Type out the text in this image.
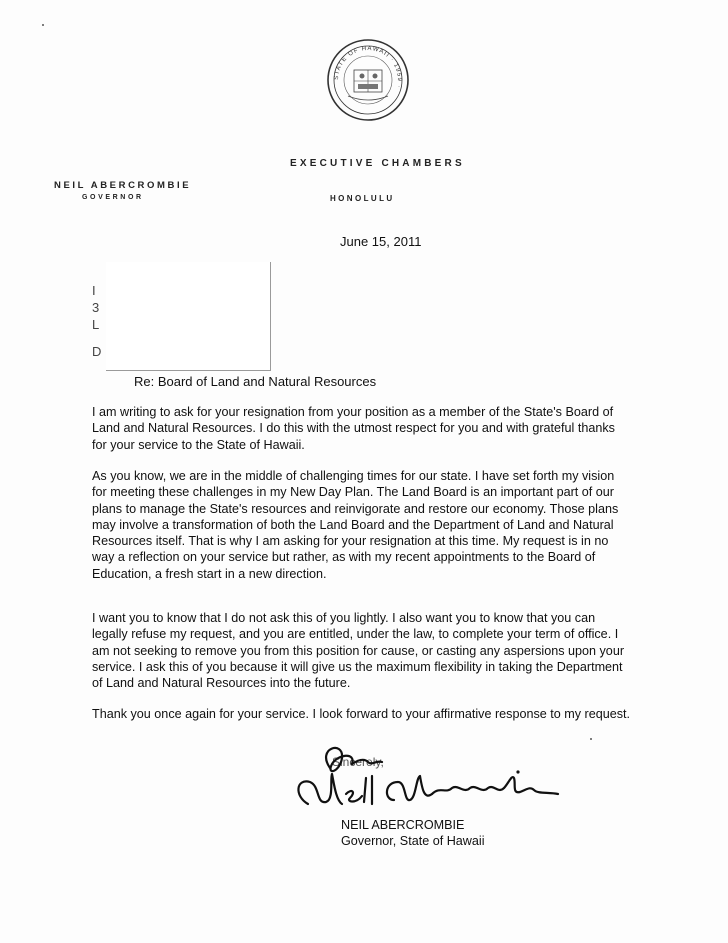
STATE OF HAWAII · 1959 ·
EXECUTIVE CHAMBERS
NEIL ABERCROMBIE
GOVERNOR	HONOLULU
June 15, 2011
I
3
L
D
Re: Board of Land and Natural Resources

I am writing to ask for your resignation from your position as a member of the State's Board of Land and Natural Resources. I do this with the utmost respect for you and with grateful thanks for your service to the State of Hawaii.

As you know, we are in the middle of challenging times for our state. I have set forth my vision for meeting these challenges in my New Day Plan. The Land Board is an important part of our plans to manage the State's resources and reinvigorate and restore our economy. Those plans may involve a transformation of both the Land Board and the Department of Land and Natural Resources itself. That is why I am asking for your resignation at this time. My request is in no way a reflection on your service but rather, as with my recent appointments to the Board of Education, a fresh start in a new direction.

I want you to know that I do not ask this of you lightly. I also want you to know that you can legally refuse my request, and you are entitled, under the law, to complete your term of office. I am not seeking to remove you from this position for cause, or casting any aspersions upon your service. I ask this of you because it will give us the maximum flexibility in taking the Department of Land and Natural Resources into the future.

Thank you once again for your service. I look forward to your affirmative response to my request.

Sincerely,
NEIL ABERCROMBIE
Governor, State of Hawaii
